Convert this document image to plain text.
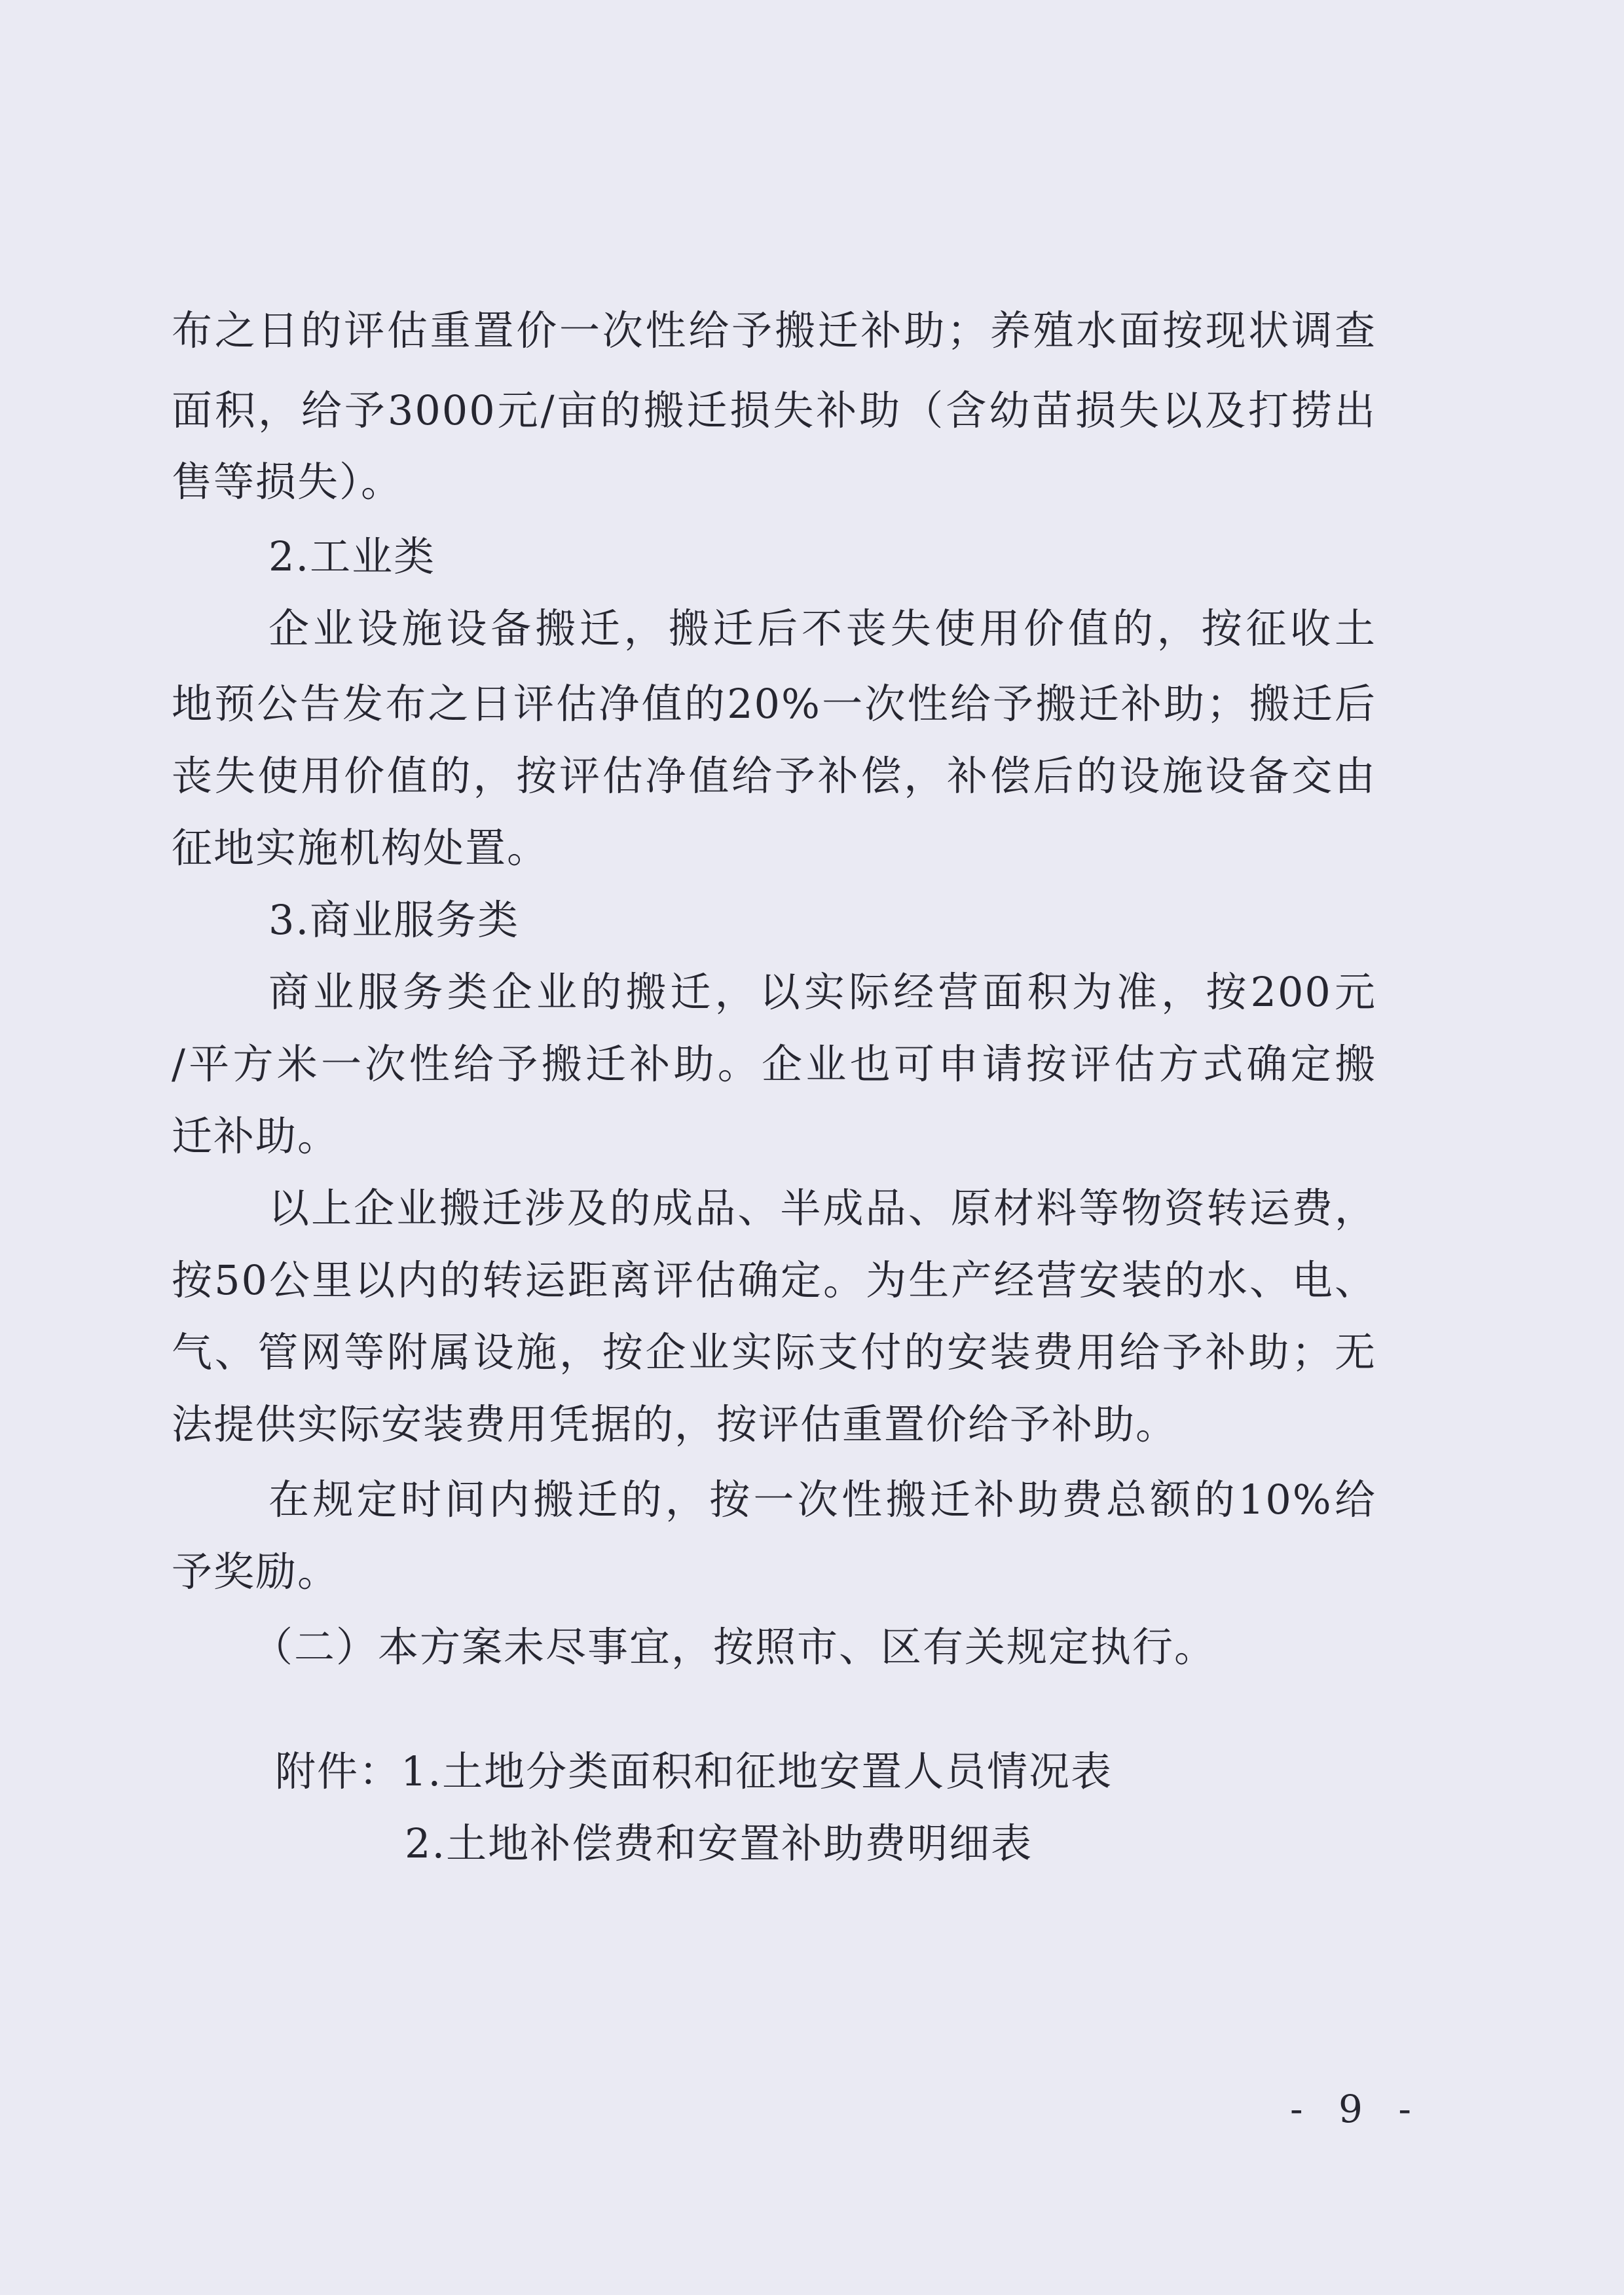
布之日的评估重置价一次性给予搬迁补助；养殖水面按现状调查
面积，给予3000元/亩的搬迁损失补助（含幼苗损失以及打捞出
售等损失）。
2.工业类
企业设施设备搬迁，搬迁后不丧失使用价值的，按征收土
地预公告发布之日评估净值的20%一次性给予搬迁补助；搬迁后
丧失使用价值的，按评估净值给予补偿，补偿后的设施设备交由
征地实施机构处置。
3.商业服务类
商业服务类企业的搬迁，以实际经营面积为准，按200元
/平方米一次性给予搬迁补助。企业也可申请按评估方式确定搬
迁补助。
以上企业搬迁涉及的成品、半成品、原材料等物资转运费，
按50公里以内的转运距离评估确定。为生产经营安装的水、电、
气、管网等附属设施，按企业实际支付的安装费用给予补助；无
法提供实际安装费用凭据的，按评估重置价给予补助。
在规定时间内搬迁的，按一次性搬迁补助费总额的10%给
予奖励。
（二）本方案未尽事宜，按照市、区有关规定执行。
附件：1.土地分类面积和征地安置人员情况表
2.土地补偿费和安置补助费明细表
- 9 -
